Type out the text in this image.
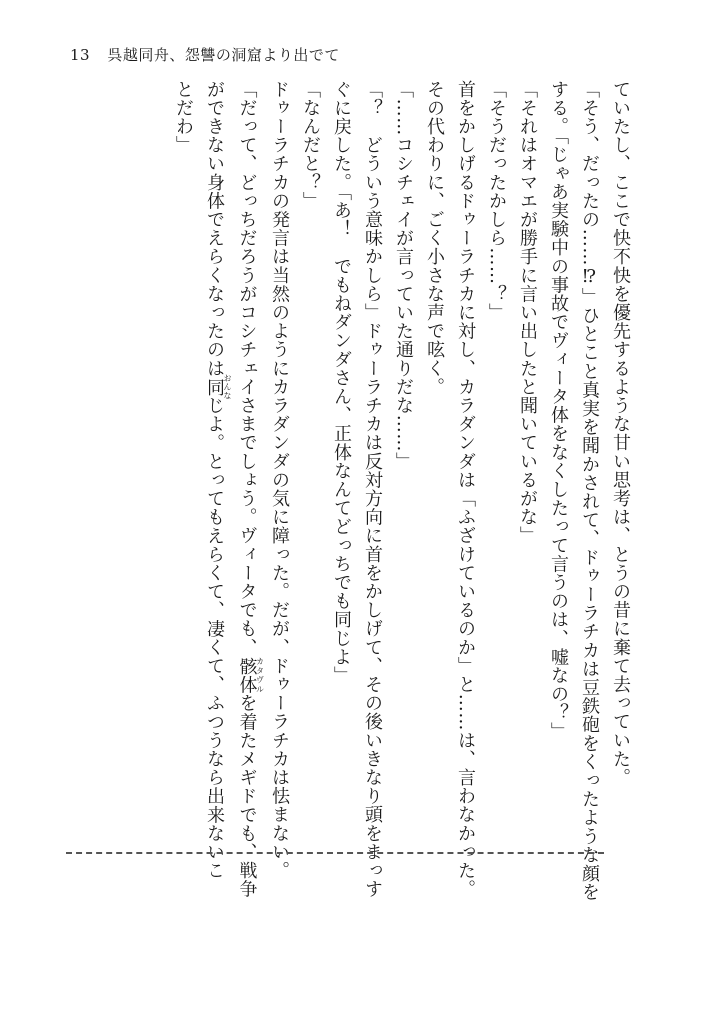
13 呉越同舟、怨讐の洞窟より出でて
ていたし、ここで快不快を優先するような甘い思考は、とうの昔に棄て去っていた。
「そう、だったの……⁉」ひとこと真実を聞かされて、ドゥーラチカは豆鉄砲をくったような顔を
する。「じゃあ実験中の事故でヴィータ体をなくしたって言うのは、嘘なの？」
「それはオマエが勝手に言い出したと聞いているがな」
「そうだったかしら……？」
首をかしげるドゥーラチカに対し、カラダンダは「ふざけているのか」と……は、言わなかった。
その代わりに、ごく小さな声で呟く。
「……コシチェイが言っていた通りだな……」
「？　どういう意味かしら」ドゥーラチカは反対方向に首をかしげて、その後いきなり頭をまっす
ぐに戻した。「あ！　でもねダンダさん、正体なんてどっちでも同じよ」
「なんだと？」
ドゥーラチカの発言は当然のようにカラダンダの気に障った。だが、ドゥーラチカは怯まない。
「だって、どっちだろうがコシチェイさまでしょう。ヴィータでも、骸体カタヴルを着たメギドでも、戦争
ができない身体でえらくなったのは同おんなじよ。とってもえらくて、凄くて、ふつうなら出来ないこ
とだわ」
